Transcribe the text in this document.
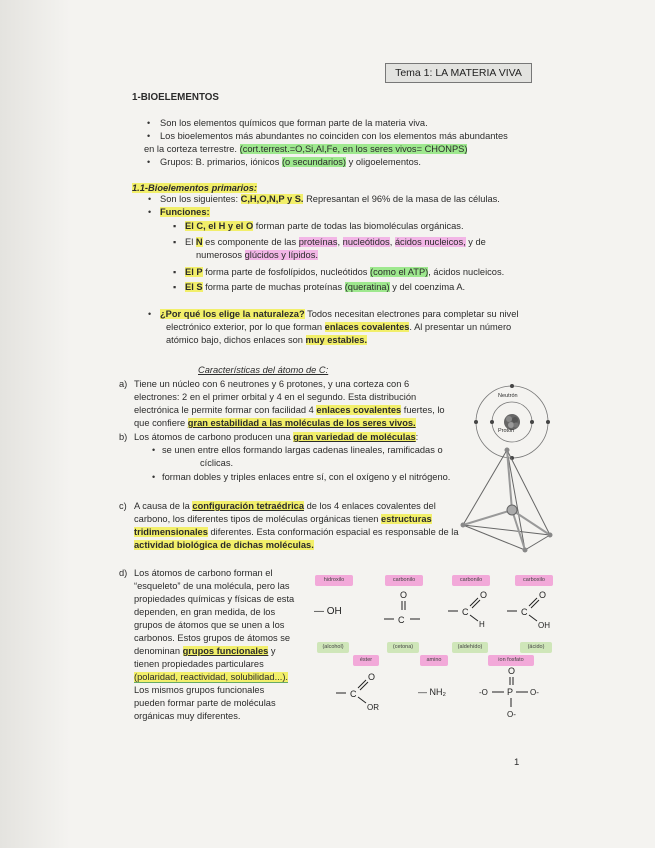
Tema 1: LA MATERIA VIVA
1-BIOELEMENTOS
• Son los elementos químicos que forman parte de la materia viva.
• Los bioelementos más abundantes no coinciden con los elementos más abundantes
en la corteza terrestre. (cort.terrest.=O,Si,Al,Fe, en los seres vivos= CHONPS)
• Grupos: B. primarios, iónicos (o secundarios) y oligoelementos.
1.1-Bioelementos primarios:
• Son los siguientes: C,H,O,N,P y S. Represantan el 96% de la masa de las células.
• Funciones:
▪ El C, el H y el O forman parte de todas las biomoléculas orgánicas.
▪ El N es componente de las proteínas, nucleótidos, ácidos nucleicos, y de
numerosos glúcidos y lípidos.
▪ El P forma parte de fosfolípidos, nucleótidos (como el ATP), ácidos nucleicos.
▪ El S forma parte de muchas proteínas (queratina) y del coenzima A.
• ¿Por qué los elige la naturaleza? Todos necesitan electrones para completar su nivel
electrónico exterior, por lo que forman enlaces covalentes. Al presentar un número
atómico bajo, dichos enlaces son muy estables.
Características del átomo de C:
a) Tiene un núcleo con 6 neutrones y 6 protones, y una corteza con 6
electrones: 2 en el primer orbital y 4 en el segundo. Esta distribución
electrónica le permite formar con facilidad 4 enlaces covalentes fuertes, lo
que confiere gran estabilidad a las moléculas de los seres vivos.
b) Los átomos de carbono producen una gran variedad de moléculas:
• se unen entre ellos formando largas cadenas lineales, ramificadas o
cíclicas.
• forman dobles y triples enlaces entre sí, con el oxígeno y el nitrógeno.
c) A causa de la configuración tetraédrica de los 4 enlaces covalentes del
carbono, los diferentes tipos de moléculas orgánicas tienen estructuras
tridimensionales diferentes. Esta conformación espacial es responsable de la
actividad biológica de dichas moléculas.
d) Los átomos de carbono forman el
“esqueleto” de una molécula, pero las
propiedades químicas y físicas de esta
dependen, en gran medida, de los
grupos de átomos que se unen a los
carbonos. Estos grupos de átomos se
denominan grupos funcionales y
tienen propiedades particulares
(polaridad, reactividad, solubilidad...).
Los mismos grupos funcionales
pueden formar parte de moléculas
orgánicas muy diferentes.
Neutrón
Protón
hidroxilo	carbonilo	carbonilo	carboxilo
— OH
O
C
C
O
H
C
O
OH
(alcohol)	(cetona)	(aldehído)	(ácido)
éster	amino	ion fosfato
C
O
OR
— NH₂
O
-O P O-
O-
1
